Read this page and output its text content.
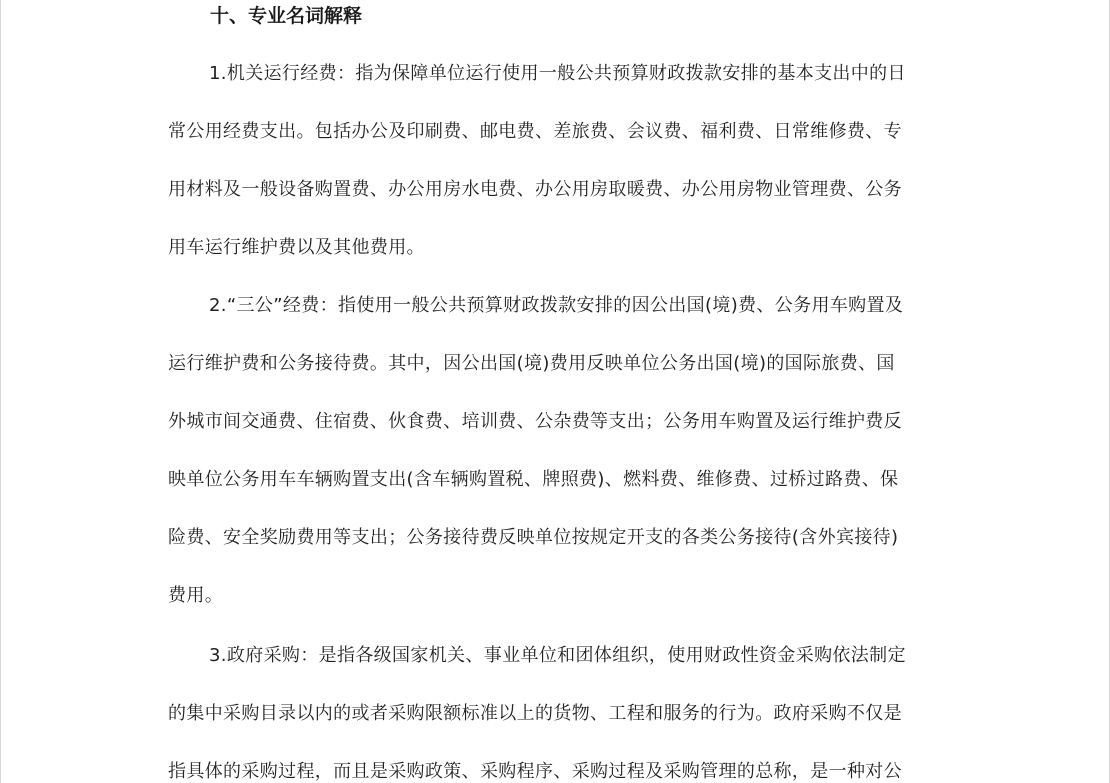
十、专业名词解释
1.机关运行经费：指为保障单位运行使用一般公共预算财政拨款安排的基本支出中的日
常公用经费支出。包括办公及印刷费、邮电费、差旅费、会议费、福利费、日常维修费、专
用材料及一般设备购置费、办公用房水电费、办公用房取暖费、办公用房物业管理费、公务
用车运行维护费以及其他费用。
2.“三公”经费：指使用一般公共预算财政拨款安排的因公出国(境)费、公务用车购置及
运行维护费和公务接待费。其中，因公出国(境)费用反映单位公务出国(境)的国际旅费、国
外城市间交通费、住宿费、伙食费、培训费、公杂费等支出；公务用车购置及运行维护费反
映单位公务用车车辆购置支出(含车辆购置税、牌照费)、燃料费、维修费、过桥过路费、保
险费、安全奖励费用等支出；公务接待费反映单位按规定开支的各类公务接待(含外宾接待)
费用。
3.政府采购：是指各级国家机关、事业单位和团体组织，使用财政性资金采购依法制定
的集中采购目录以内的或者采购限额标准以上的货物、工程和服务的行为。政府采购不仅是
指具体的采购过程，而且是采购政策、采购程序、采购过程及采购管理的总称，是一种对公
